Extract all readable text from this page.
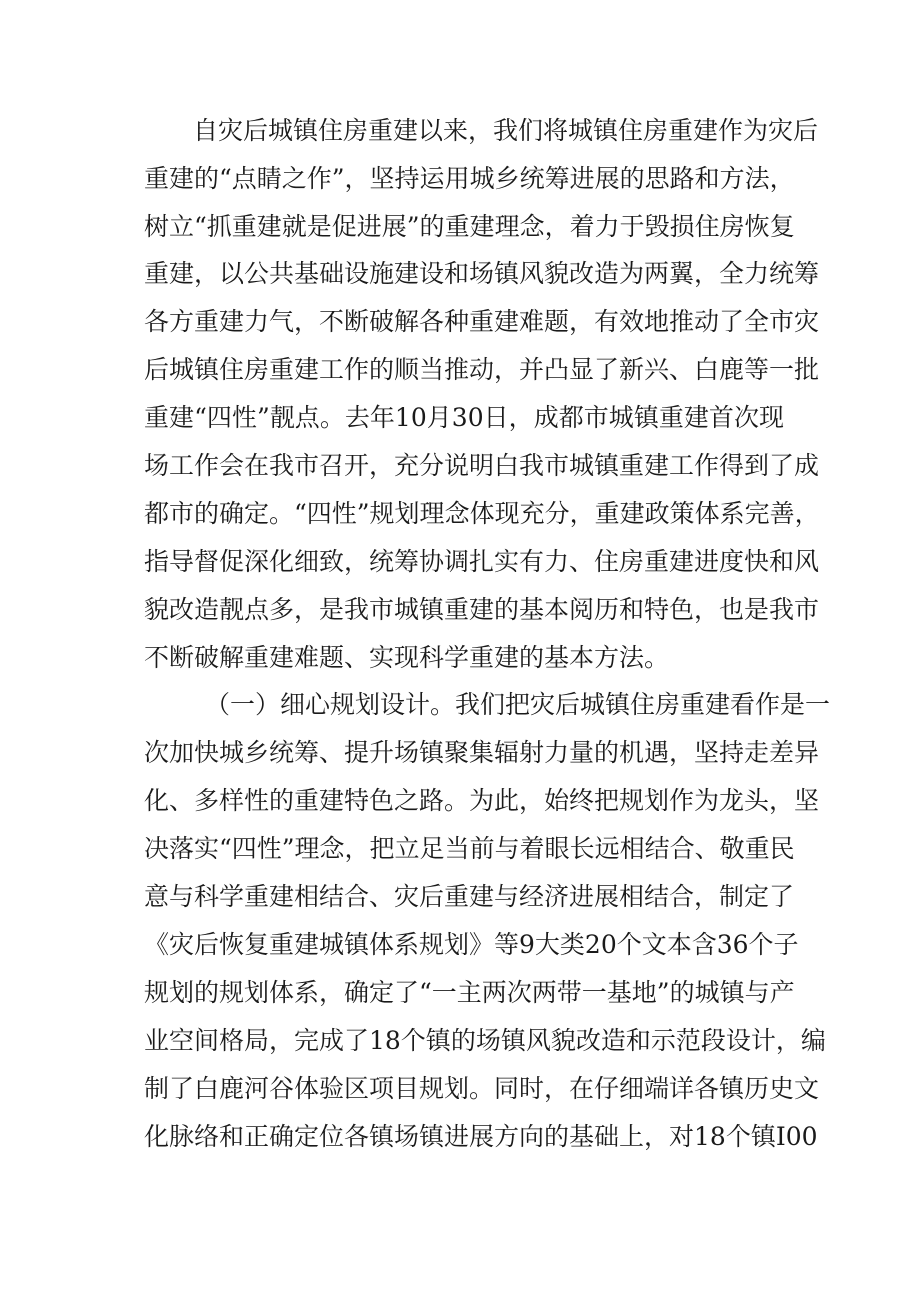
自灾后城镇住房重建以来，我们将城镇住房重建作为灾后
重建的“点睛之作”，坚持运用城乡统筹进展的思路和方法，
树立“抓重建就是促进展”的重建理念，着力于毁损住房恢复
重建，以公共基础设施建设和场镇风貌改造为两翼，全力统筹
各方重建力气，不断破解各种重建难题，有效地推动了全市灾
后城镇住房重建工作的顺当推动，并凸显了新兴、白鹿等一批
重建“四性”靓点。去年10月30日，成都市城镇重建首次现
场工作会在我市召开，充分说明白我市城镇重建工作得到了成
都市的确定。“四性”规划理念体现充分，重建政策体系完善，
指导督促深化细致，统筹协调扎实有力、住房重建进度快和风
貌改造靓点多，是我市城镇重建的基本阅历和特色，也是我市
不断破解重建难题、实现科学重建的基本方法。
（一）细心规划设计。我们把灾后城镇住房重建看作是一
次加快城乡统筹、提升场镇聚集辐射力量的机遇，坚持走差异
化、多样性的重建特色之路。为此，始终把规划作为龙头，坚
决落实“四性”理念，把立足当前与着眼长远相结合、敬重民
意与科学重建相结合、灾后重建与经济进展相结合，制定了
《灾后恢复重建城镇体系规划》等9大类20个文本含36个子
规划的规划体系，确定了“一主两次两带一基地”的城镇与产
业空间格局，完成了18个镇的场镇风貌改造和示范段设计，编
制了白鹿河谷体验区项目规划。同时，在仔细端详各镇历史文
化脉络和正确定位各镇场镇进展方向的基础上，对18个镇I00
